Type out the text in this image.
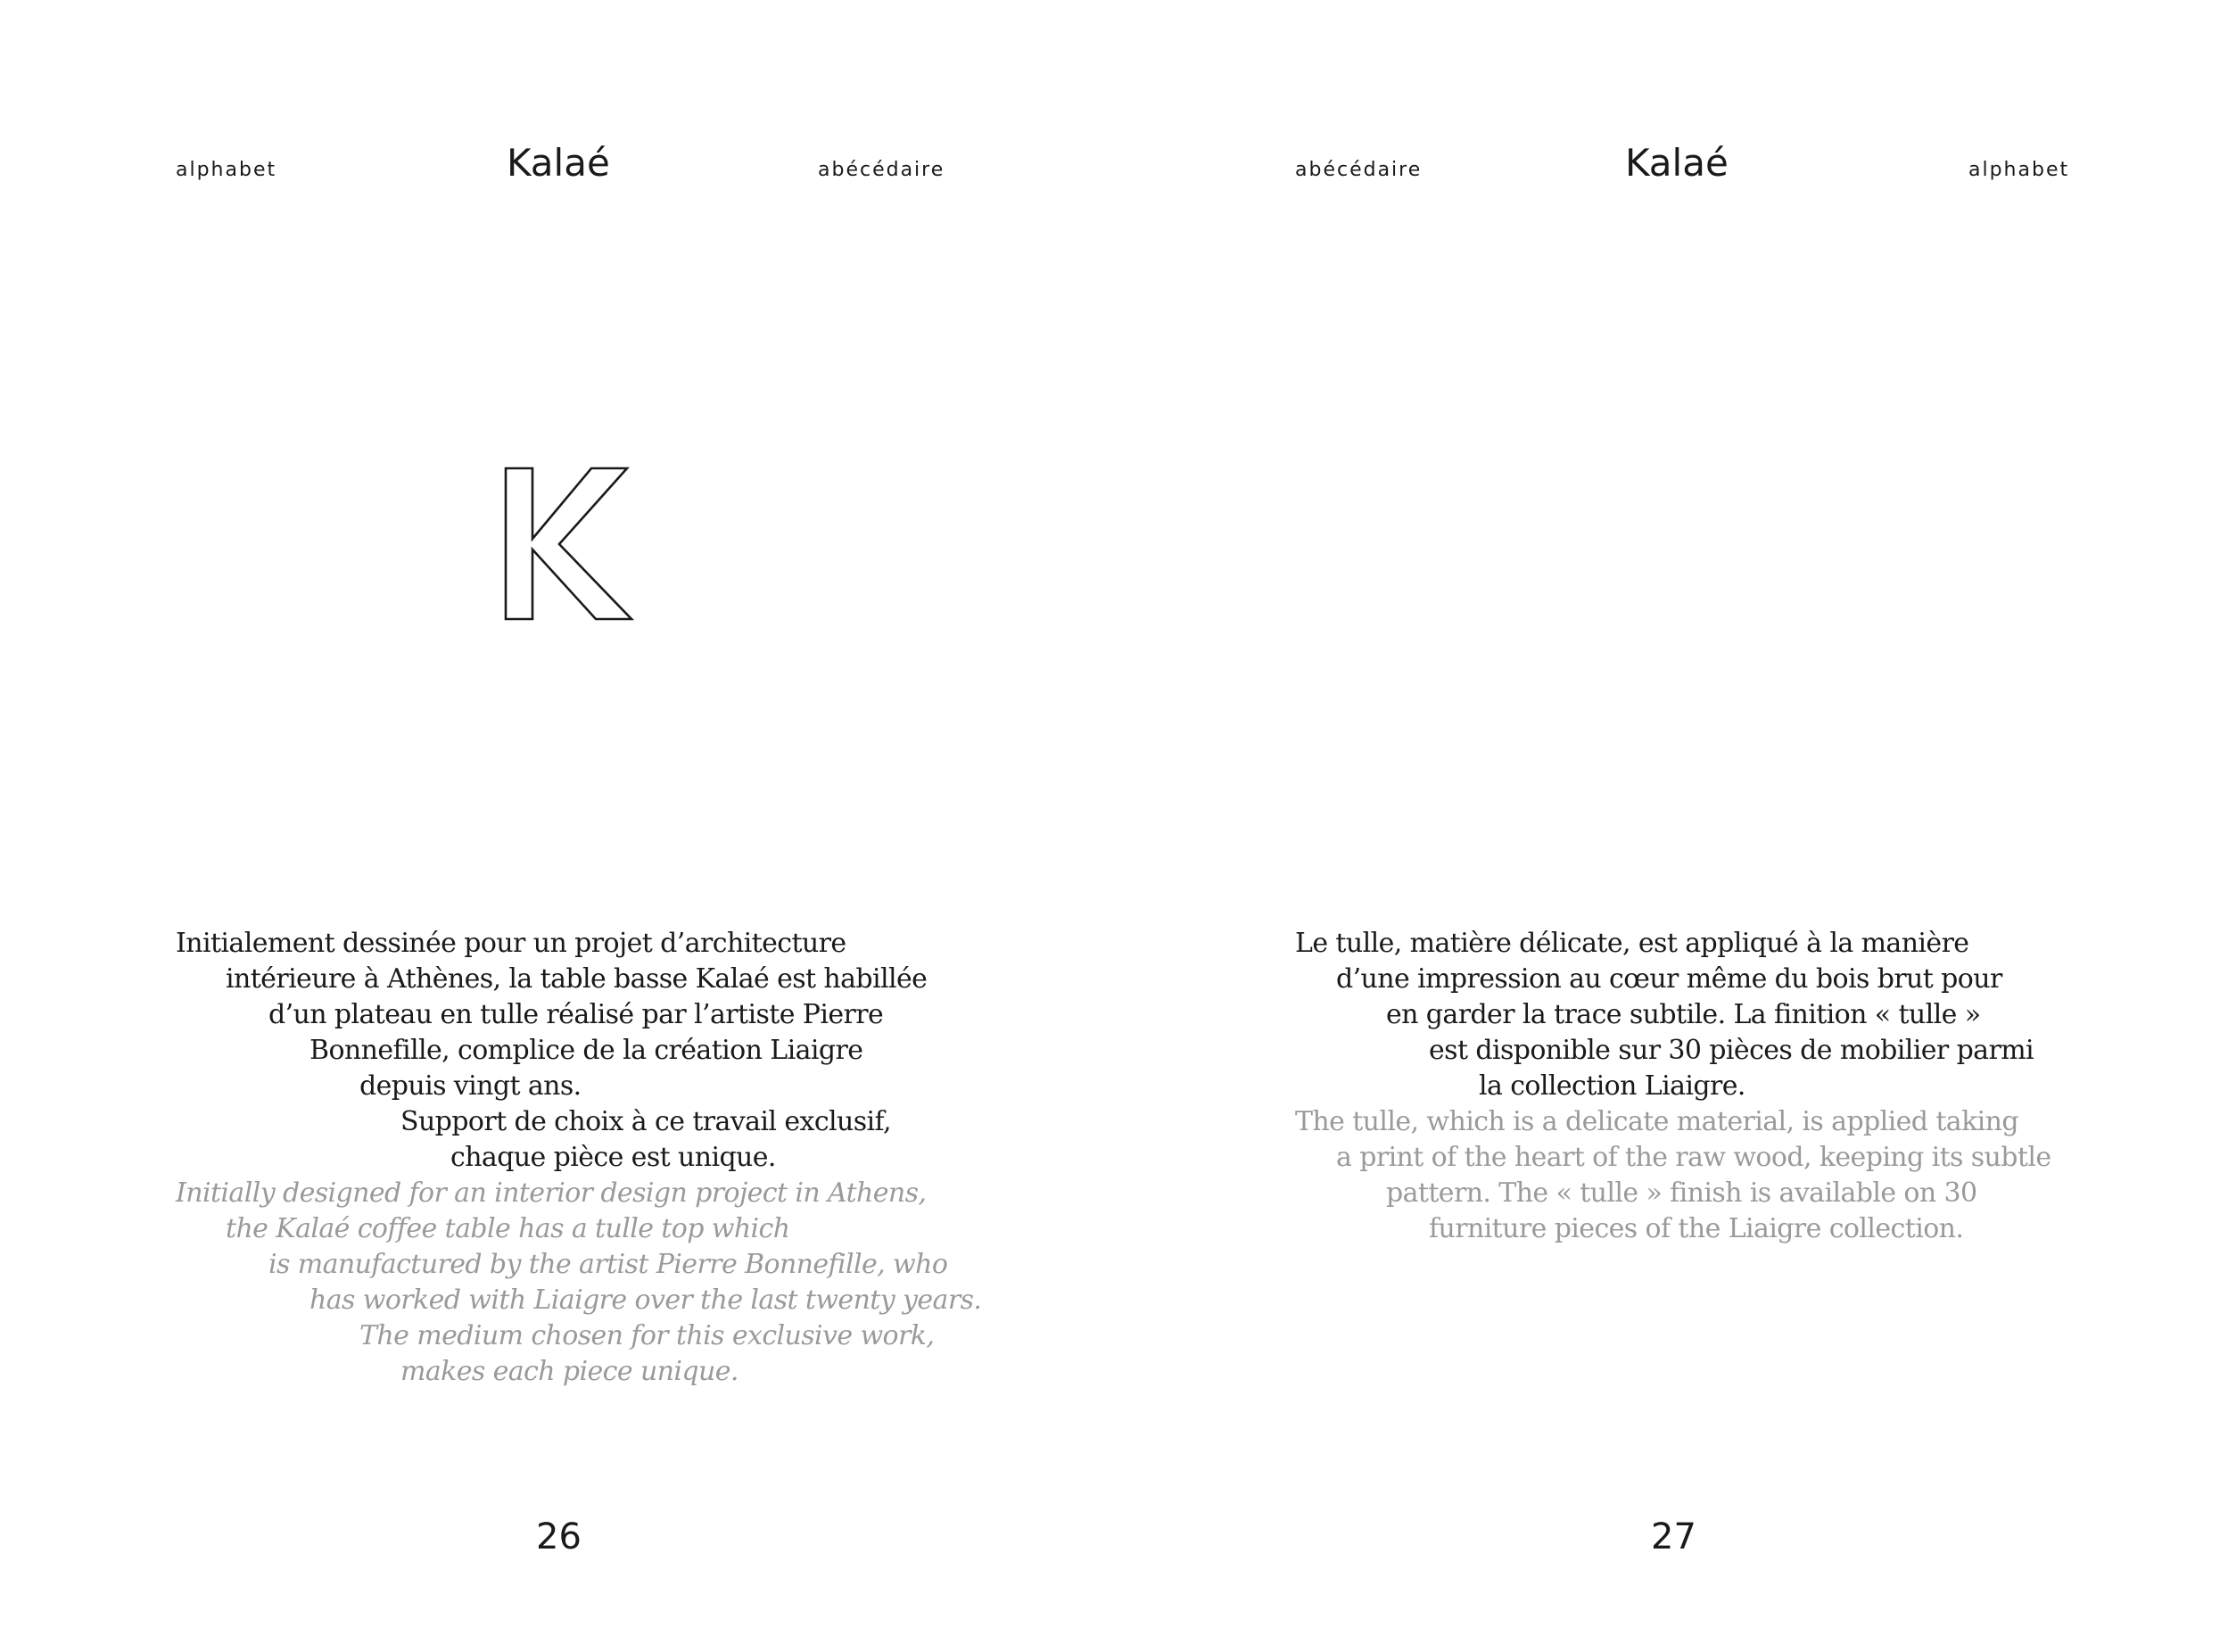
alphabet	Kalaé	abécédaire
Initialement dessinée pour un projet d’architecture
intérieure à Athènes, la table basse Kalaé est habillée
d’un plateau en tulle réalisé par l’artiste Pierre
Bonnefille, complice de la création Liaigre
depuis vingt ans.
Support de choix à ce travail exclusif,
chaque pièce est unique.
Initially designed for an interior design project in Athens,
the Kalaé coffee table has a tulle top which
is manufactured by the artist Pierre Bonnefille, who
has worked with Liaigre over the last twenty years.
The medium chosen for this exclusive work,
makes each piece unique.
26
abécédaire	Kalaé	alphabet
Le tulle, matière délicate, est appliqué à la manière
d’une impression au cœur même du bois brut pour
en garder la trace subtile. La finition « tulle »
est disponible sur 30 pièces de mobilier parmi
la collection Liaigre.
The tulle, which is a delicate material, is applied taking
a print of the heart of the raw wood, keeping its subtle
pattern. The « tulle » finish is available on 30
furniture pieces of the Liaigre collection.
27
